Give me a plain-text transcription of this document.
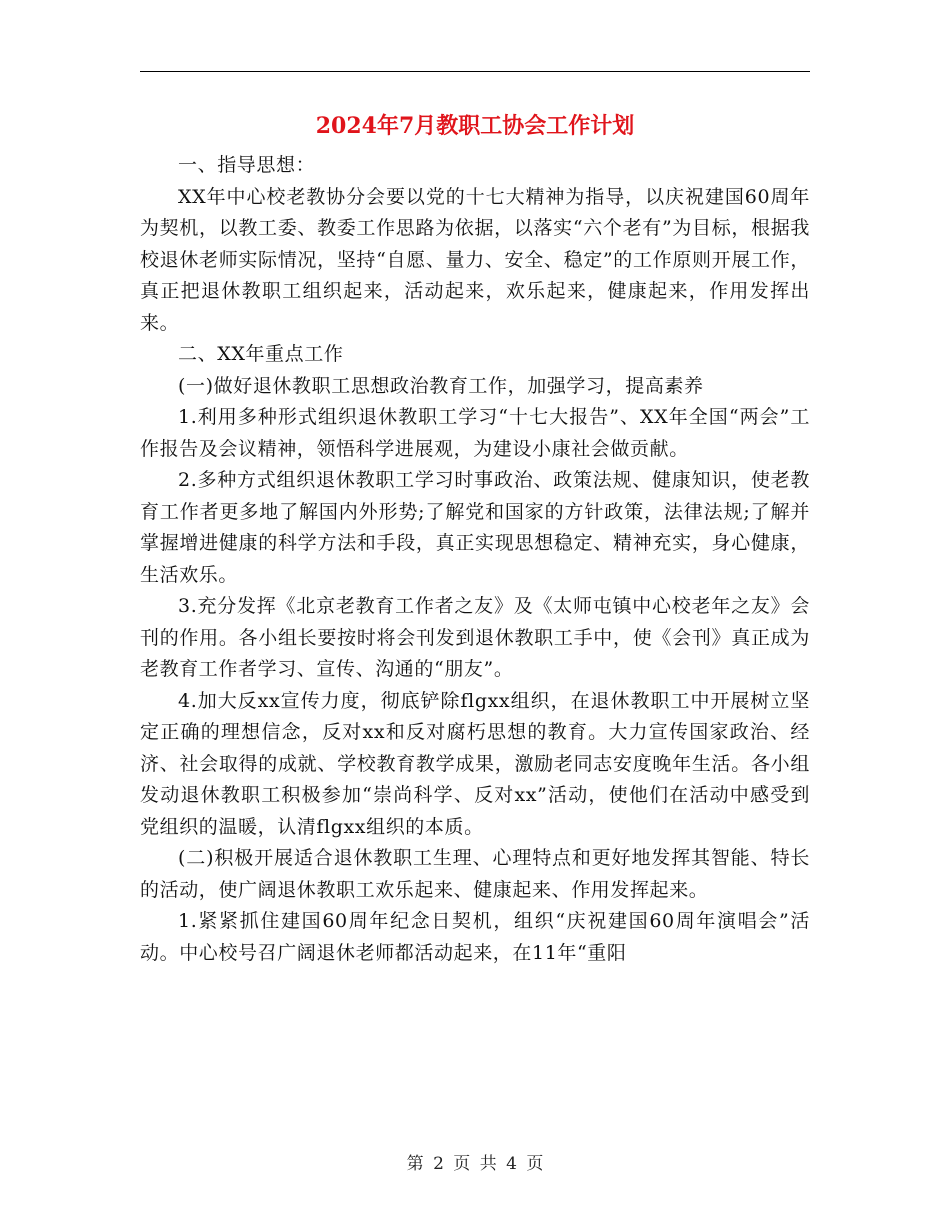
2024年7月教职工协会工作计划

一、指导思想：

XX年中心校老教协分会要以党的十七大精神为指导，以庆祝建国60周年为契机，以教工委、教委工作思路为依据，以落实“六个老有”为目标，根据我校退休老师实际情况，坚持“自愿、量力、安全、稳定”的工作原则开展工作，真正把退休教职工组织起来，活动起来，欢乐起来，健康起来，作用发挥出来。

二、XX年重点工作

(一)做好退休教职工思想政治教育工作，加强学习，提高素养

1.利用多种形式组织退休教职工学习“十七大报告”、XX年全国“两会”工作报告及会议精神，领悟科学进展观，为建设小康社会做贡献。

2.多种方式组织退休教职工学习时事政治、政策法规、健康知识，使老教育工作者更多地了解国内外形势;了解党和国家的方针政策，法律法规;了解并掌握增进健康的科学方法和手段，真正实现思想稳定、精神充实，身心健康，生活欢乐。

3.充分发挥《北京老教育工作者之友》及《太师屯镇中心校老年之友》会刊的作用。各小组长要按时将会刊发到退休教职工手中，使《会刊》真正成为老教育工作者学习、宣传、沟通的“朋友”。

4.加大反xx宣传力度，彻底铲除flgxx组织，在退休教职工中开展树立坚定正确的理想信念，反对xx和反对腐朽思想的教育。大力宣传国家政治、经济、社会取得的成就、学校教育教学成果，激励老同志安度晚年生活。各小组发动退休教职工积极参加“崇尚科学、反对xx”活动，使他们在活动中感受到党组织的温暖，认清flgxx组织的本质。

(二)积极开展适合退休教职工生理、心理特点和更好地发挥其智能、特长的活动，使广阔退休教职工欢乐起来、健康起来、作用发挥起来。

1.紧紧抓住建国60周年纪念日契机，组织“庆祝建国60周年演唱会”活动。中心校号召广阔退休老师都活动起来，在11年“重阳

第 2 页 共 4 页
